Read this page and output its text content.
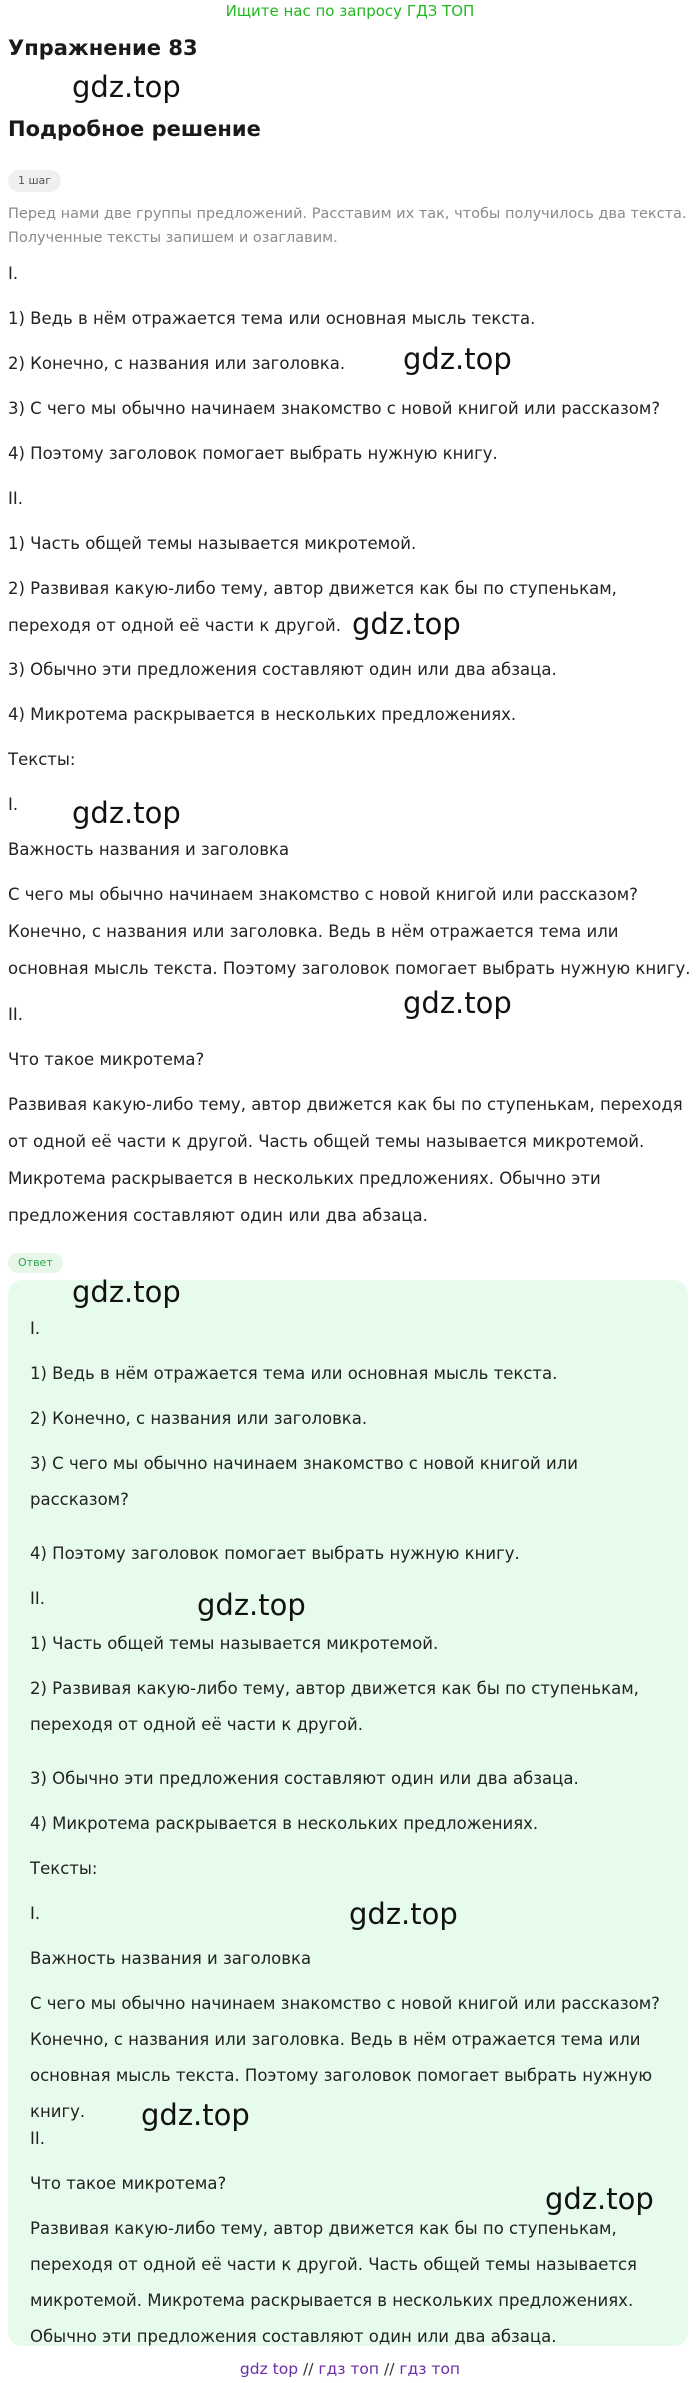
Ищите нас по запросу ГДЗ ТОП
Упражнение 83
gdz.top
Подробное решение
1 шаг
Перед нами две группы предложений. Расставим их так, чтобы получилось два текста. Полученные тексты запишем и озаглавим.
I.
1) Ведь в нём отражается тема или основная мысль текста.
2) Конечно, с названия или заголовка. gdz.top
3) С чего мы обычно начинаем знакомство с новой книгой или рассказом?
4) Поэтому заголовок помогает выбрать нужную книгу.
II.
1) Часть общей темы называется микротемой.
2) Развивая какую-либо тему, автор движется как бы по ступенькам, переходя от одной её части к другой. gdz.top
3) Обычно эти предложения составляют один или два абзаца.
4) Микротема раскрывается в нескольких предложениях.
Тексты:
I. gdz.top
Важность названия и заголовка
С чего мы обычно начинаем знакомство с новой книгой или рассказом? Конечно, с названия или заголовка. Ведь в нём отражается тема или основная мысль текста. Поэтому заголовок помогает выбрать нужную книгу.
gdz.top
II.
Что такое микротема?
Развивая какую-либо тему, автор движется как бы по ступенькам, переходя от одной её части к другой. Часть общей темы называется микротемой. Микротема раскрывается в нескольких предложениях. Обычно эти предложения составляют один или два абзаца.
Ответ
gdz.top
I.
1) Ведь в нём отражается тема или основная мысль текста.
2) Конечно, с названия или заголовка.
3) С чего мы обычно начинаем знакомство с новой книгой или рассказом?
4) Поэтому заголовок помогает выбрать нужную книгу.
II.	gdz.top
1) Часть общей темы называется микротемой.
2) Развивая какую-либо тему, автор движется как бы по ступенькам, переходя от одной её части к другой.
3) Обычно эти предложения составляют один или два абзаца.
4) Микротема раскрывается в нескольких предложениях.
Тексты:
I.	gdz.top
Важность названия и заголовка
С чего мы обычно начинаем знакомство с новой книгой или рассказом? Конечно, с названия или заголовка. Ведь в нём отражается тема или основная мысль текста. Поэтому заголовок помогает выбрать нужную книгу.	gdz.top
II.
Что такое микротема?	gdz.top
Развивая какую-либо тему, автор движется как бы по ступенькам, переходя от одной её части к другой. Часть общей темы называется микротемой. Микротема раскрывается в нескольких предложениях. Обычно эти предложения составляют один или два абзаца.
gdz top // гдз топ // гдз топ
